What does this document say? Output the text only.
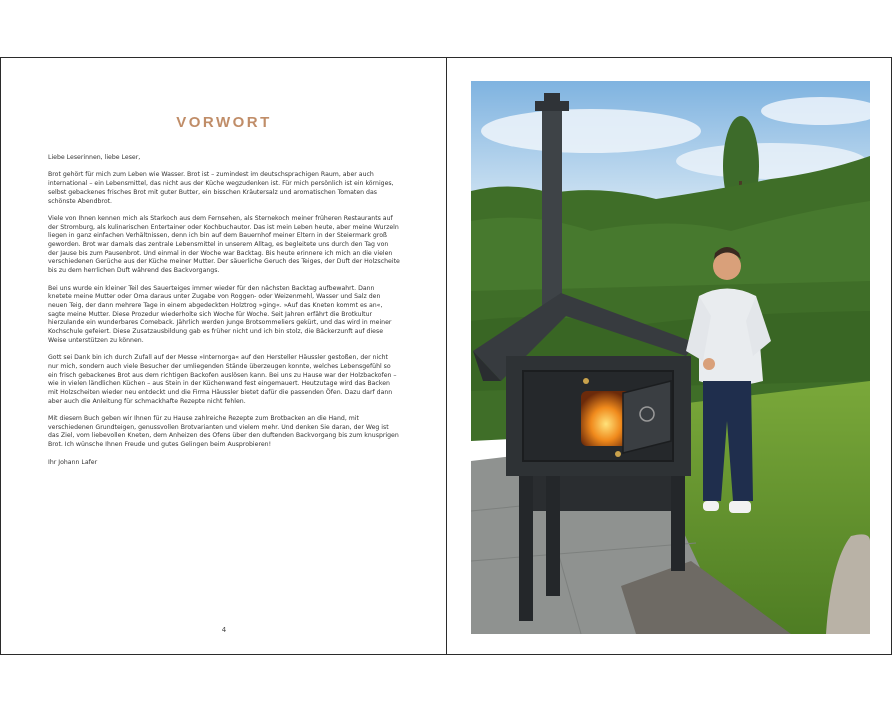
VORWORT

Liebe Leserinnen, liebe Leser,

Brot gehört für mich zum Leben wie Wasser. Brot ist – zumindest im deutschsprachigen Raum, aber auch international – ein Lebensmittel, das nicht aus der Küche wegzudenken ist. Für mich persönlich ist ein körniges, selbst gebackenes frisches Brot mit guter Butter, ein bisschen Kräutersalz und aromatischen Tomaten das schönste Abendbrot.

Viele von Ihnen kennen mich als Starkoch aus dem Fernsehen, als Sternekoch meiner früheren Restaurants auf der Stromburg, als kulinarischen Entertainer oder Kochbuchautor. Das ist mein Leben heute, aber meine Wurzeln liegen in ganz einfachen Verhältnissen, denn ich bin auf dem Bauernhof meiner Eltern in der Steiermark groß geworden. Brot war damals das zentrale Lebensmittel in unserem Alltag, es begleitete uns durch den Tag von der Jause bis zum Pausenbrot. Und einmal in der Woche war Backtag. Bis heute erinnere ich mich an die vielen verschiedenen Gerüche aus der Küche meiner Mutter. Der säuerliche Geruch des Teiges, der Duft der Holzscheite bis zu dem herrlichen Duft während des Backvorgangs.

Bei uns wurde ein kleiner Teil des Sauerteiges immer wieder für den nächsten Backtag aufbewahrt. Dann knetete meine Mutter oder Oma daraus unter Zugabe von Roggen- oder Weizenmehl, Wasser und Salz den neuen Teig, der dann mehrere Tage in einem abgedeckten Holztrog »ging«. »Auf das Kneten kommt es an«, sagte meine Mutter. Diese Prozedur wiederholte sich Woche für Woche. Seit Jahren erfährt die Brotkultur hierzulande ein wunderbares Comeback. Jährlich werden junge Brotsommeliers gekürt, und das wird in meiner Kochschule gefeiert. Diese Zusatzausbildung gab es früher nicht und ich bin stolz, die Bäckerzunft auf diese Weise unterstützen zu können.

Gott sei Dank bin ich durch Zufall auf der Messe »Internorga« auf den Hersteller Häussler gestoßen, der nicht nur mich, sondern auch viele Besucher der umliegenden Stände überzeugen konnte, welches Lebensgefühl so ein frisch gebackenes Brot aus dem richtigen Backofen auslösen kann. Bei uns zu Hause war der Holzbackofen – wie in vielen ländlichen Küchen – aus Stein in der Küchenwand fest eingemauert. Heutzutage wird das Backen mit Holzscheiten wieder neu entdeckt und die Firma Häussler bietet dafür die passenden Öfen. Dazu darf dann aber auch die Anleitung für schmackhafte Rezepte nicht fehlen.

Mit diesem Buch geben wir Ihnen für zu Hause zahlreiche Rezepte zum Brotbacken an die Hand, mit verschiedenen Grundteigen, genussvollen Brotvarianten und vielem mehr. Und denken Sie daran, der Weg ist das Ziel, vom liebevollen Kneten, dem Anheizen des Ofens über den duftenden Backvorgang bis zum knusprigen Brot. Ich wünsche Ihnen Freude und gutes Gelingen beim Ausprobieren!

Ihr Johann Lafer

4
